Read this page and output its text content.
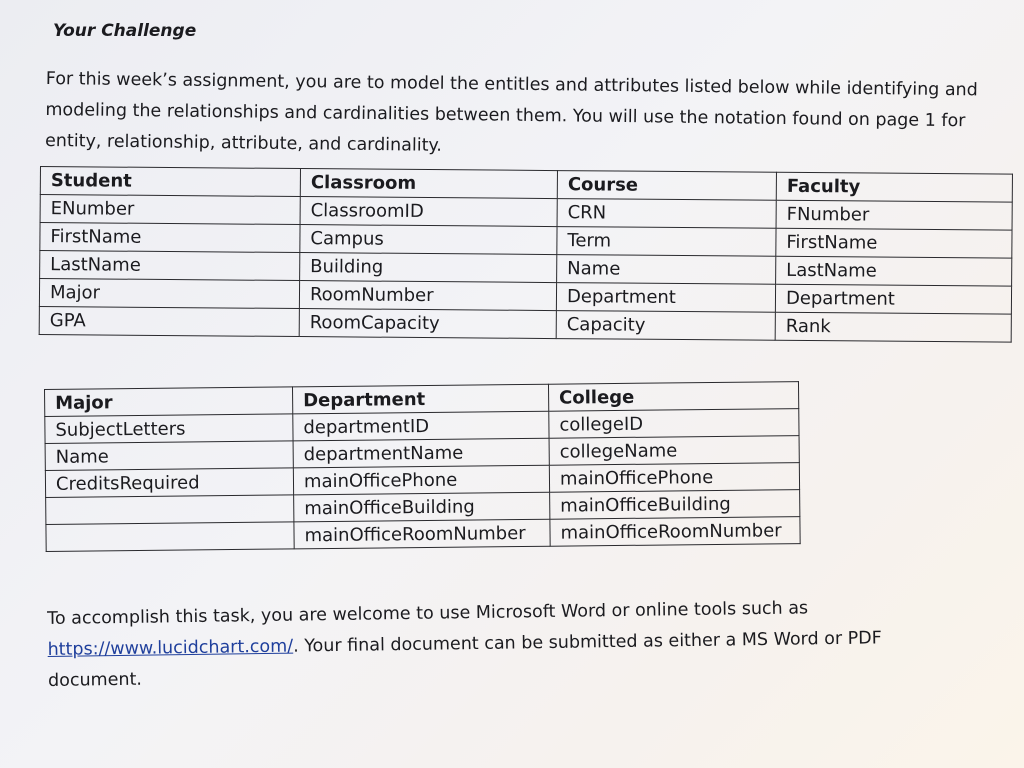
Your Challenge

For this week’s assignment, you are to model the entitles and attributes listed below while identifying and modeling the relationships and cardinalities between them. You will use the notation found on page 1 for entity, relationship, attribute, and cardinality.

Student	Classroom	Course	Faculty
ENumber	ClassroomID	CRN	FNumber
FirstName	Campus	Term	FirstName
LastName	Building	Name	LastName
Major	RoomNumber	Department	Department
GPA	RoomCapacity	Capacity	Rank
Major	Department	College
SubjectLetters	departmentID	collegeID
Name	departmentName	collegeName
CreditsRequired	mainOfficePhone	mainOfficePhone
	mainOfficeBuilding	mainOfficeBuilding
	mainOfficeRoomNumber	mainOfficeRoomNumber

To accomplish this task, you are welcome to use Microsoft Word or online tools such as https://www.lucidchart.com/. Your final document can be submitted as either a MS Word or PDF document.
